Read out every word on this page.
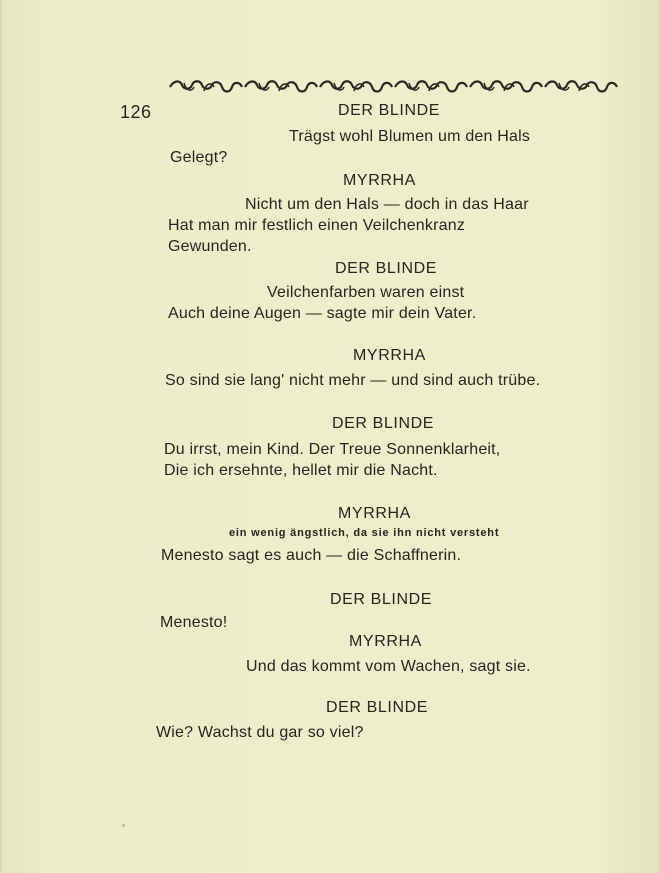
126	DER BLINDE
Trägst wohl Blumen um den Hals
Gelegt?
MYRRHA
Nicht um den Hals — doch in das Haar
Hat man mir festlich einen Veilchenkranz
Gewunden.
DER BLINDE
Veilchenfarben waren einst
Auch deine Augen — sagte mir dein Vater.
MYRRHA
So sind sie lang' nicht mehr — und sind auch trübe.
DER BLINDE
Du irrst, mein Kind. Der Treue Sonnenklarheit,
Die ich ersehnte, hellet mir die Nacht.
MYRRHA
ein wenig ängstlich, da sie ihn nicht versteht
Menesto sagt es auch — die Schaffnerin.
DER BLINDE
Menesto!
MYRRHA
Und das kommt vom Wachen, sagt sie.
DER BLINDE
Wie? Wachst du gar so viel?
